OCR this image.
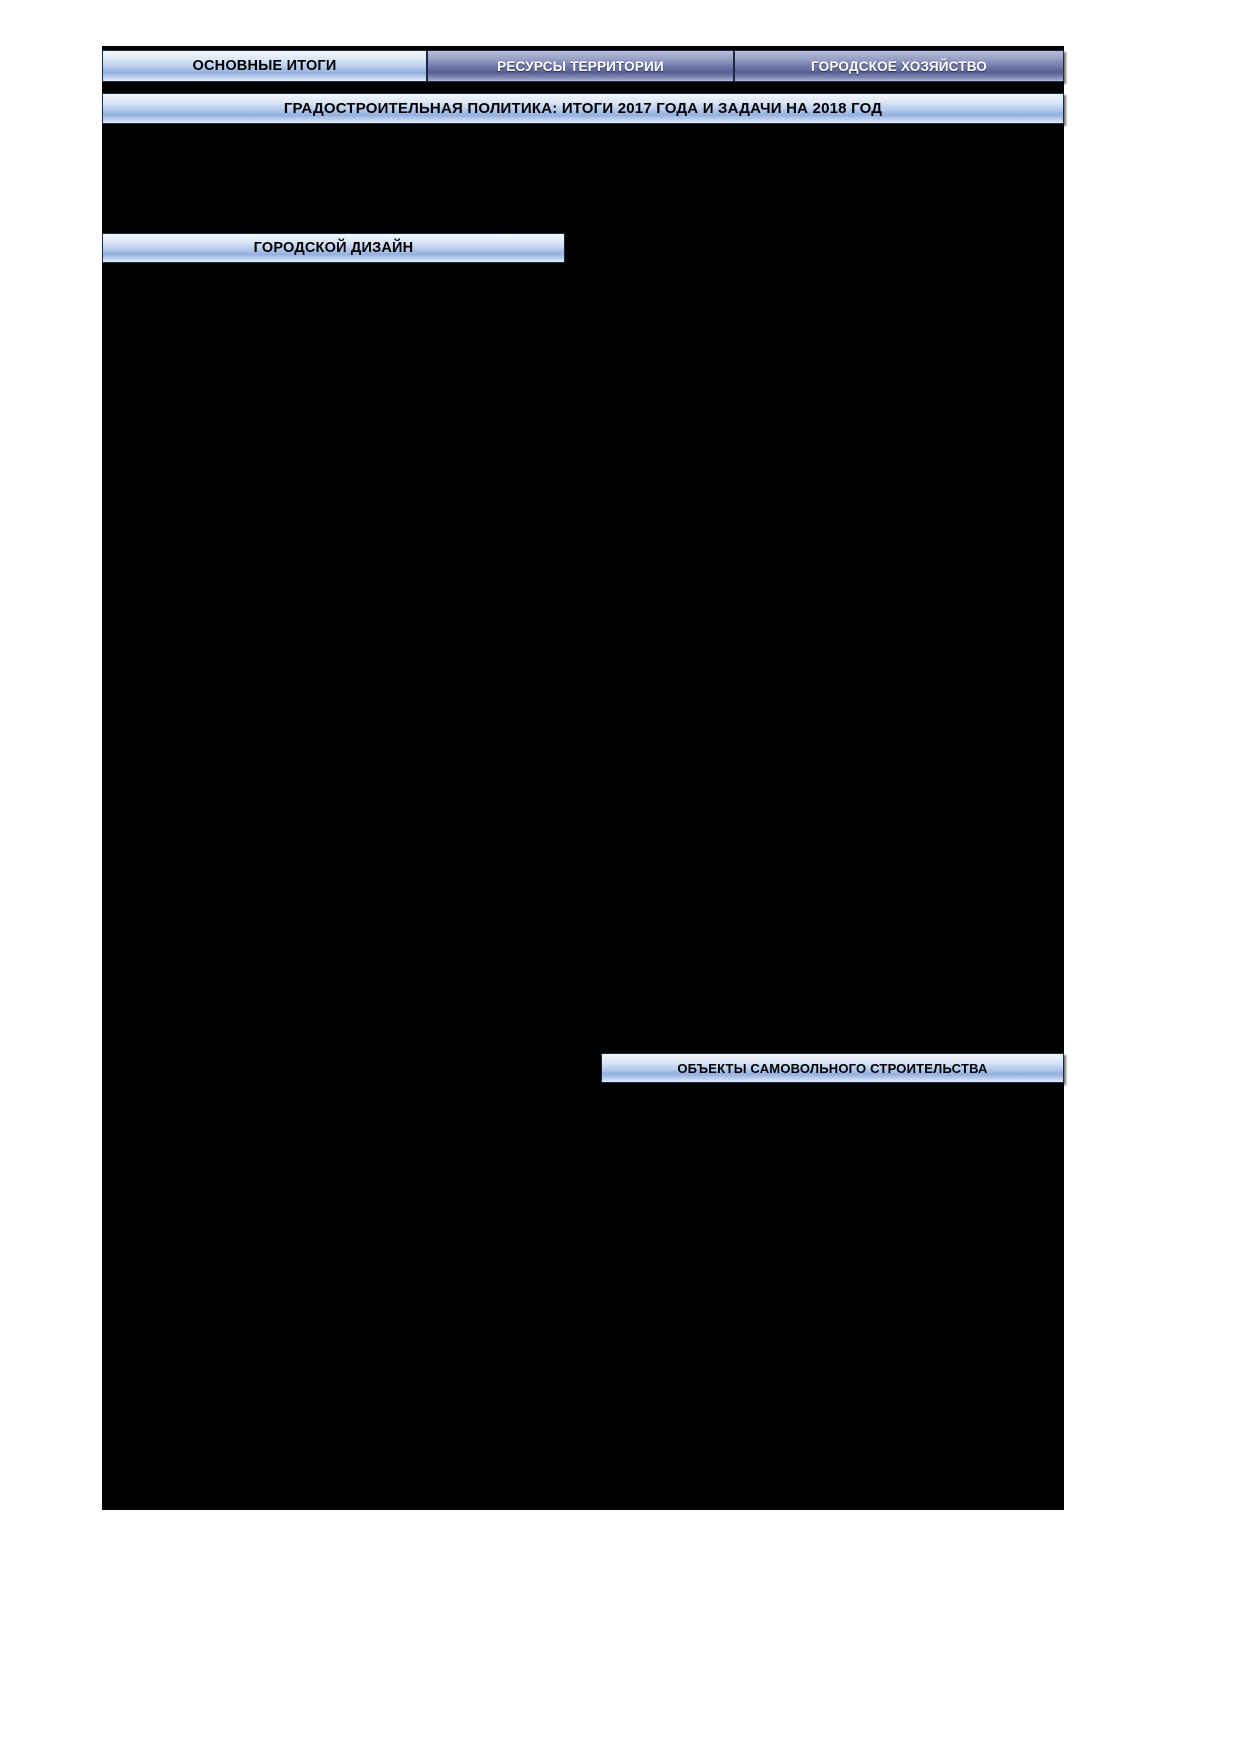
ОСНОВНЫЕ ИТОГИ	РЕСУРСЫ ТЕРРИТОРИИ	ГОРОДСКОЕ ХОЗЯЙСТВО
ГРАДОСТРОИТЕЛЬНАЯ ПОЛИТИКА: ИТОГИ 2017 ГОДА И ЗАДАЧИ НА 2018 ГОД
ГОРОДСКОЙ ДИЗАЙН
ОБЪЕКТЫ САМОВОЛЬНОГО СТРОИТЕЛЬСТВА
